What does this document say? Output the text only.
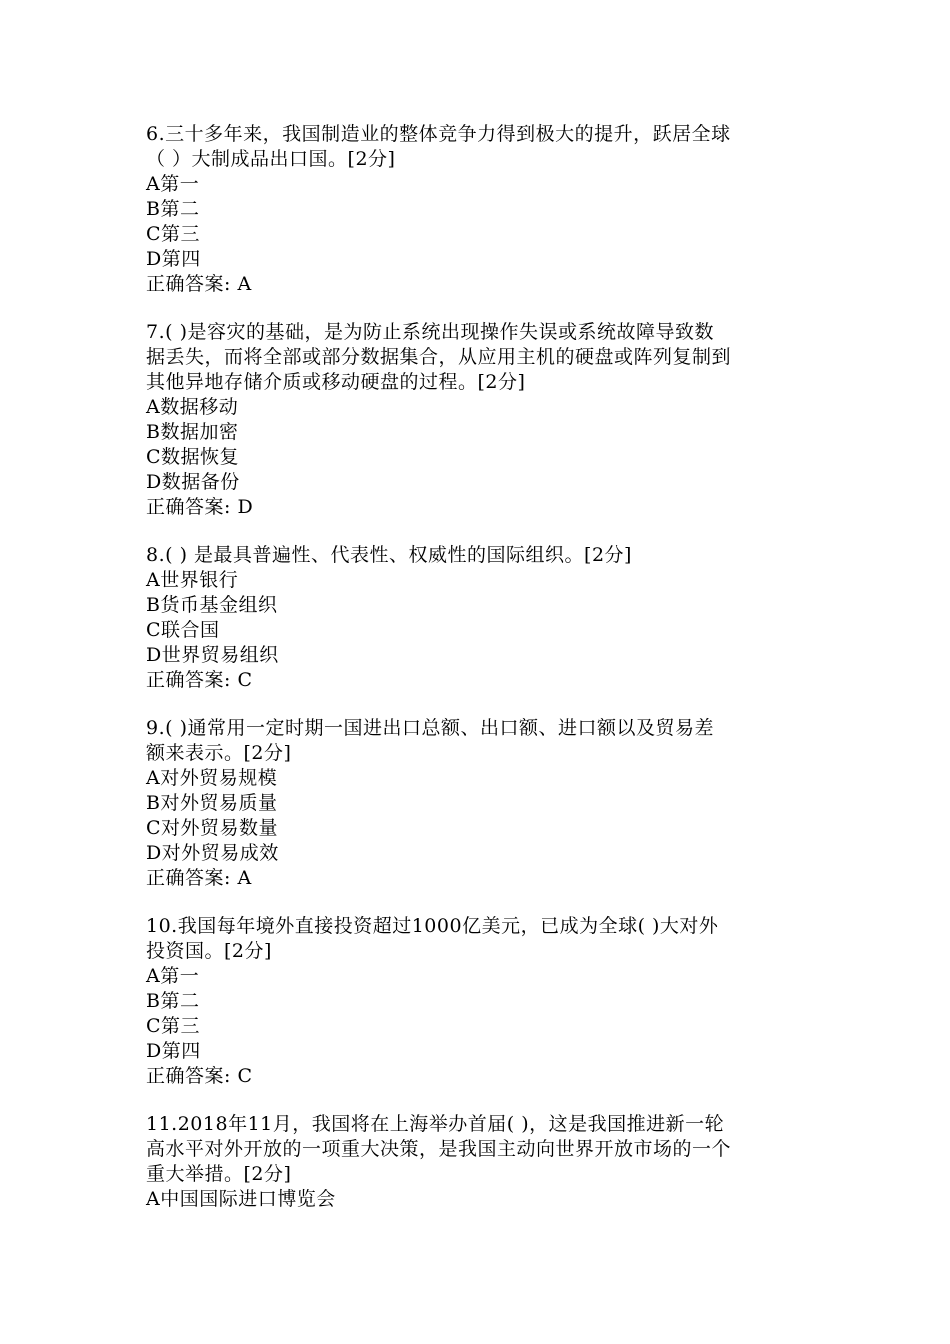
6.三十多年来，我国制造业的整体竞争力得到极大的提升，跃居全球
（ ）大制成品出口国。[2分]
A第一
B第二
C第三
D第四
正确答案: A
7.( )是容灾的基础，是为防止系统出现操作失误或系统故障导致数
据丢失，而将全部或部分数据集合，从应用主机的硬盘或阵列复制到
其他异地存储介质或移动硬盘的过程。[2分]
A数据移动
B数据加密
C数据恢复
D数据备份
正确答案: D
8.( ) 是最具普遍性、代表性、权威性的国际组织。[2分]
A世界银行
B货币基金组织
C联合国
D世界贸易组织
正确答案: C
9.( )通常用一定时期一国进出口总额、出口额、进口额以及贸易差
额来表示。[2分]
A对外贸易规模
B对外贸易质量
C对外贸易数量
D对外贸易成效
正确答案: A
10.我国每年境外直接投资超过1000亿美元，已成为全球( )大对外
投资国。[2分]
A第一
B第二
C第三
D第四
正确答案: C
11.2018年11月，我国将在上海举办首届( )，这是我国推进新一轮
高水平对外开放的一项重大决策，是我国主动向世界开放市场的一个
重大举措。[2分]
A中国国际进口博览会
